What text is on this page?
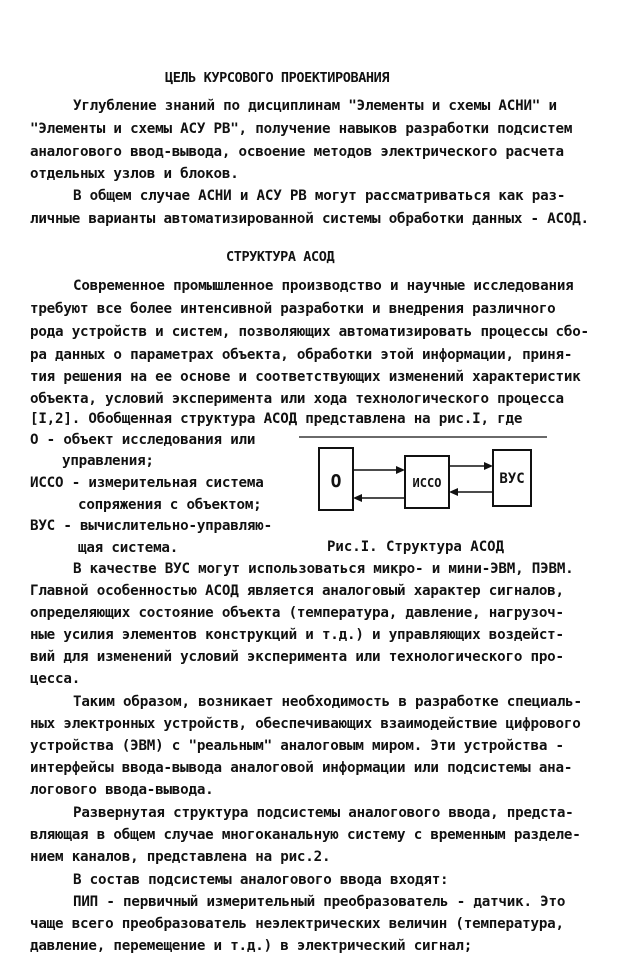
ЦЕЛЬ КУРСОВОГО ПРОЕКТИРОВАНИЯ
Углубление знаний по дисциплинам "Элементы и схемы АСНИ" и
"Элементы и схемы АСУ РВ", получение навыков разработки подсистем
аналогового ввод-вывода, освоение методов электрического расчета
отдельных узлов и блоков.
В общем случае АСНИ и АСУ РВ могут рассматриваться как раз-
личные варианты автоматизированной системы обработки данных - АСОД.
СТРУКТУРА АСОД
Современное промышленное производство и научные исследования
требуют все более интенсивной разработки и внедрения различного
рода устройств и систем, позволяющих автоматизировать процессы сбо-
ра данных о параметрах объекта, обработки этой информации, приня-
тия решения на ее основе и соответствующих изменений характеристик
объекта, условий эксперимента или хода технологического процесса
[I,2]. Обобщенная структура АСОД представлена на рис.I, где
О - объект исследования или
управления;
ИССО - измерительная система
сопряжения с объектом;
ВУС - вычислительно-управляю-
щая система.
О	ИССО	ВУС
Рис.I. Структура АСОД
В качестве ВУС могут использоваться микро- и мини-ЭВМ, ПЭВМ.
Главной особенностью АСОД является аналоговый характер сигналов,
определяющих состояние объекта (температура, давление, нагрузоч-
ные усилия элементов конструкций и т.д.) и управляющих воздейст-
вий для изменений условий эксперимента или технологического про-
цесса.
Таким образом, возникает необходимость в разработке специаль-
ных электронных устройств, обеспечивающих взаимодействие цифрового
устройства (ЭВМ) с "реальным" аналоговым миром. Эти устройства -
интерфейсы ввода-вывода аналоговой информации или подсистемы ана-
логового ввода-вывода.
Развернутая структура подсистемы аналогового ввода, предста-
вляющая в общем случае многоканальную систему с временным разделе-
нием каналов, представлена на рис.2.
В состав подсистемы аналогового ввода входят:
ПИП - первичный измерительный преобразователь - датчик. Это
чаще всего преобразователь неэлектрических величин (температура,
давление, перемещение и т.д.) в электрический сигнал;
